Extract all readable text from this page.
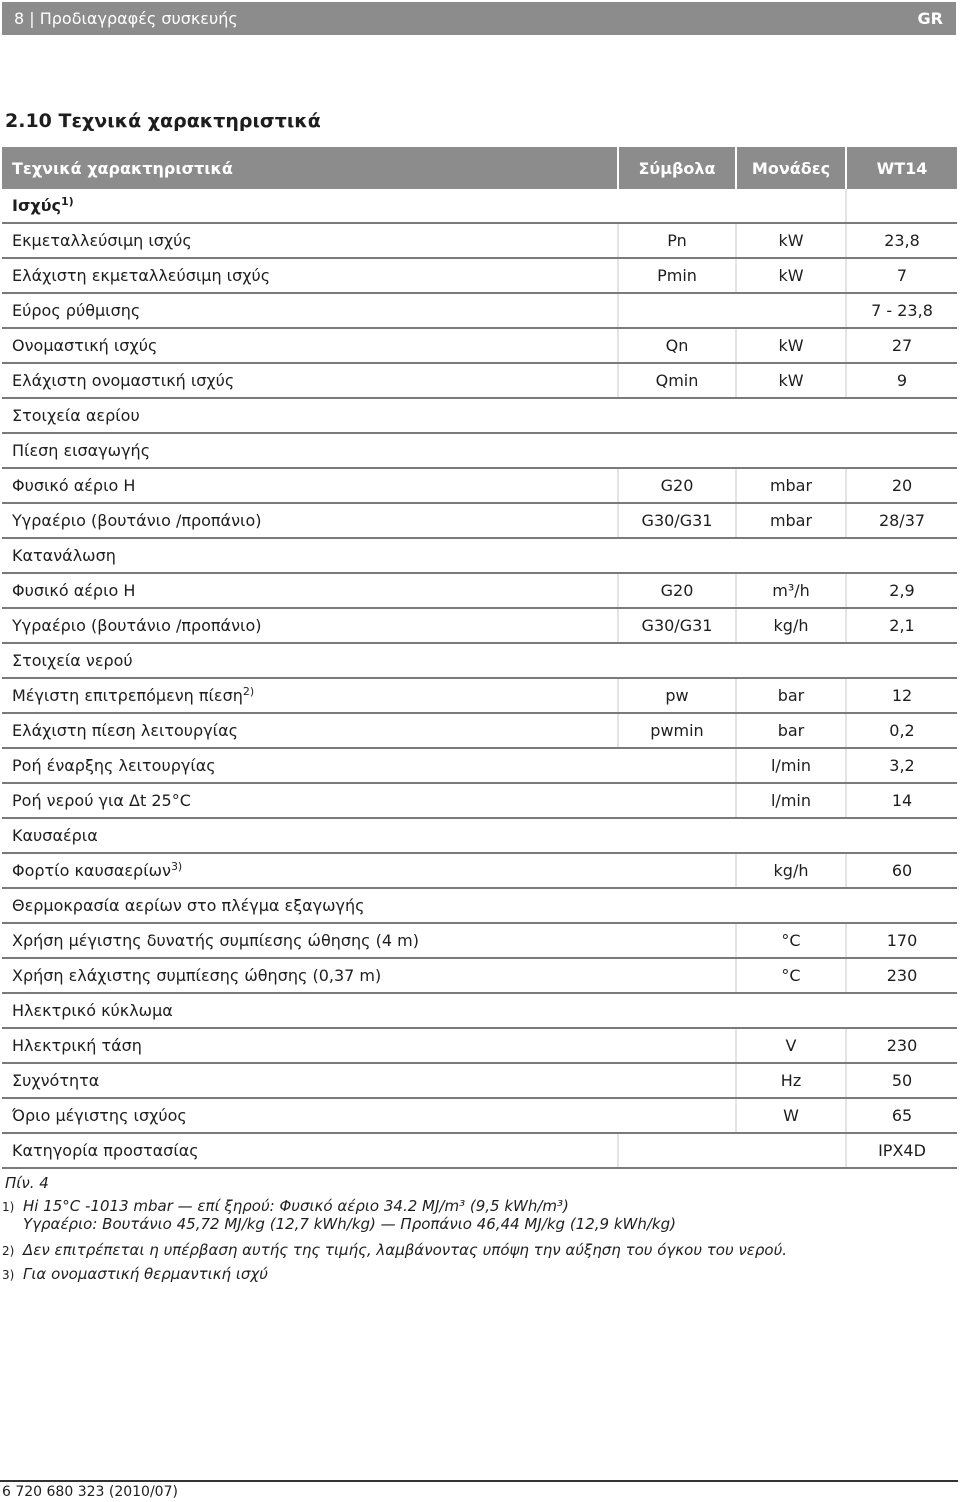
8 | Προδιαγραφές συσκευής	GR
2.10 Τεχνικά χαρακτηριστικά
Τεχνικά χαρακτηριστικά	Σύμβολα	Μονάδες	WT14
Ισχύς$^{1)}$	
Εκμεταλλεύσιμη ισχύς	Pn	kW	23,8
Ελάχιστη εκμεταλλεύσιμη ισχύς	Pmin	kW	7
Εύρος ρύθμισης			7 - 23,8
Ονομαστική ισχύς	Qn	kW	27
Ελάχιστη ονομαστική ισχύς	Qmin	kW	9
Στοιχεία αερίου			
Πίεση εισαγωγής			
Φυσικό αέριο H	G20	mbar	20
Υγραέριο (βουτάνιο /προπάνιο)	G30/G31	mbar	28/37
Κατανάλωση			
Φυσικό αέριο H	G20	m³/h	2,9
Υγραέριο (βουτάνιο /προπάνιο)	G30/G31	kg/h	2,1
Στοιχεία νερού			
Μέγιστη επιτρεπόμενη πίεση$^{2)}$	pw	bar	12
Ελάχιστη πίεση λειτουργίας	pwmin	bar	0,2
Ροή έναρξης λειτουργίας		l/min	3,2
Ροή νερού για Δt 25°C		l/min	14
Καυσαέρια			
Φορτίο καυσαερίων$^{3)}$		kg/h	60
Θερμοκρασία αερίων στο πλέγμα εξαγωγής			
Χρήση μέγιστης δυνατής συμπίεσης ώθησης (4 m)		°C	170
Χρήση ελάχιστης συμπίεσης ώθησης (0,37 m)		°C	230
Ηλεκτρικό κύκλωμα			
Ηλεκτρική τάση		V	230
Συχνότητα		Hz	50
Όριο μέγιστης ισχύος		W	65
Κατηγορία προστασίας			IPX4D
Πίν. 4
1) Hi 15°C -1013 mbar — επί ξηρού: Φυσικό αέριο 34.2 MJ/m³ (9,5 kWh/m³)
Υγραέριο: Βουτάνιο 45,72 MJ/kg (12,7 kWh/kg) — Προπάνιο 46,44 MJ/kg (12,9 kWh/kg)
2) Δεν επιτρέπεται η υπέρβαση αυτής της τιμής, λαμβάνοντας υπόψη την αύξηση του όγκου του νερού.
3) Για ονομαστική θερμαντική ισχύ
6 720 680 323 (2010/07)
